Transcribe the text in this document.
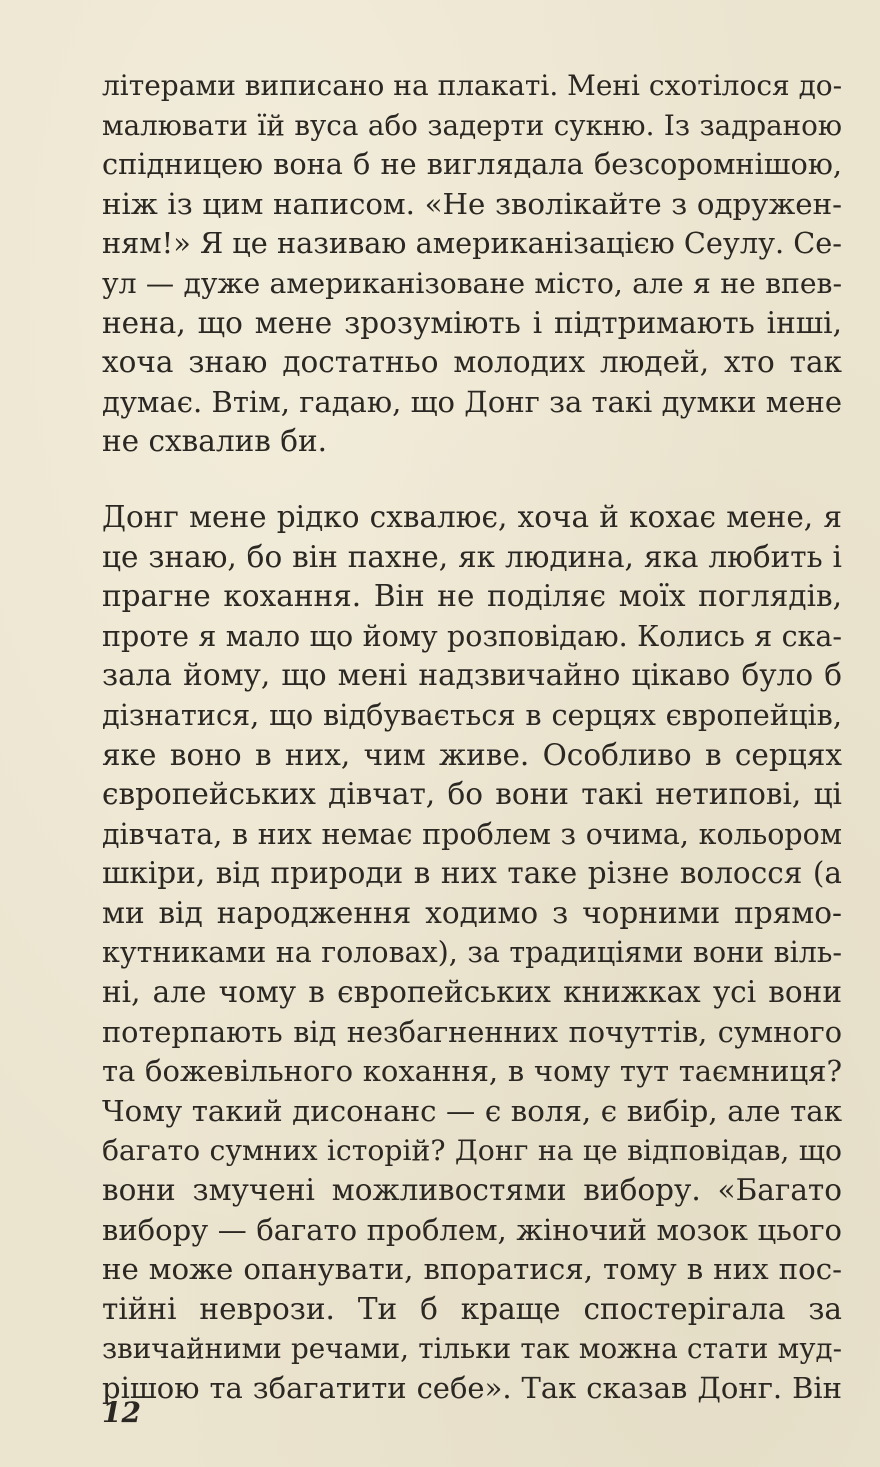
літерами виписано на плакаті. Мені схотілося до-
малювати їй вуса або задерти сукню. Із задраною
спідницею вона б не виглядала безсоромнішою,
ніж із цим написом. «Не зволікайте з одружен-
ням!» Я це називаю американізацією Сеулу. Се-
ул — дуже американізоване місто, але я не впев-
нена, що мене зрозуміють і підтримають інші,
хоча знаю достатньо молодих людей, хто так
думає. Втім, гадаю, що Донг за такі думки мене
не схвалив би.
Донг мене рідко схвалює, хоча й кохає мене, я
це знаю, бо він пахне, як людина, яка любить і
прагне кохання. Він не поділяє моїх поглядів,
проте я мало що йому розповідаю. Колись я ска-
зала йому, що мені надзвичайно цікаво було б
дізнатися, що відбувається в серцях європейців,
яке воно в них, чим живе. Особливо в серцях
європейських дівчат, бо вони такі нетипові, ці
дівчата, в них немає проблем з очима, кольором
шкіри, від природи в них таке різне волосся (а
ми від народження ходимо з чорними прямо-
кутниками на головах), за традиціями вони віль-
ні, але чому в європейських книжках усі вони
потерпають від незбагненних почуттів, сумного
та божевільного кохання, в чому тут таємниця?
Чому такий дисонанс — є воля, є вибір, але так
багато сумних історій? Донг на це відповідав, що
вони змучені можливостями вибору. «Багато
вибору — багато проблем, жіночий мозок цього
не може опанувати, впоратися, тому в них пос-
тійні неврози. Ти б краще спостерігала за
звичайними речами, тільки так можна стати муд-
рішою та збагатити себе». Так сказав Донг. Він
12
